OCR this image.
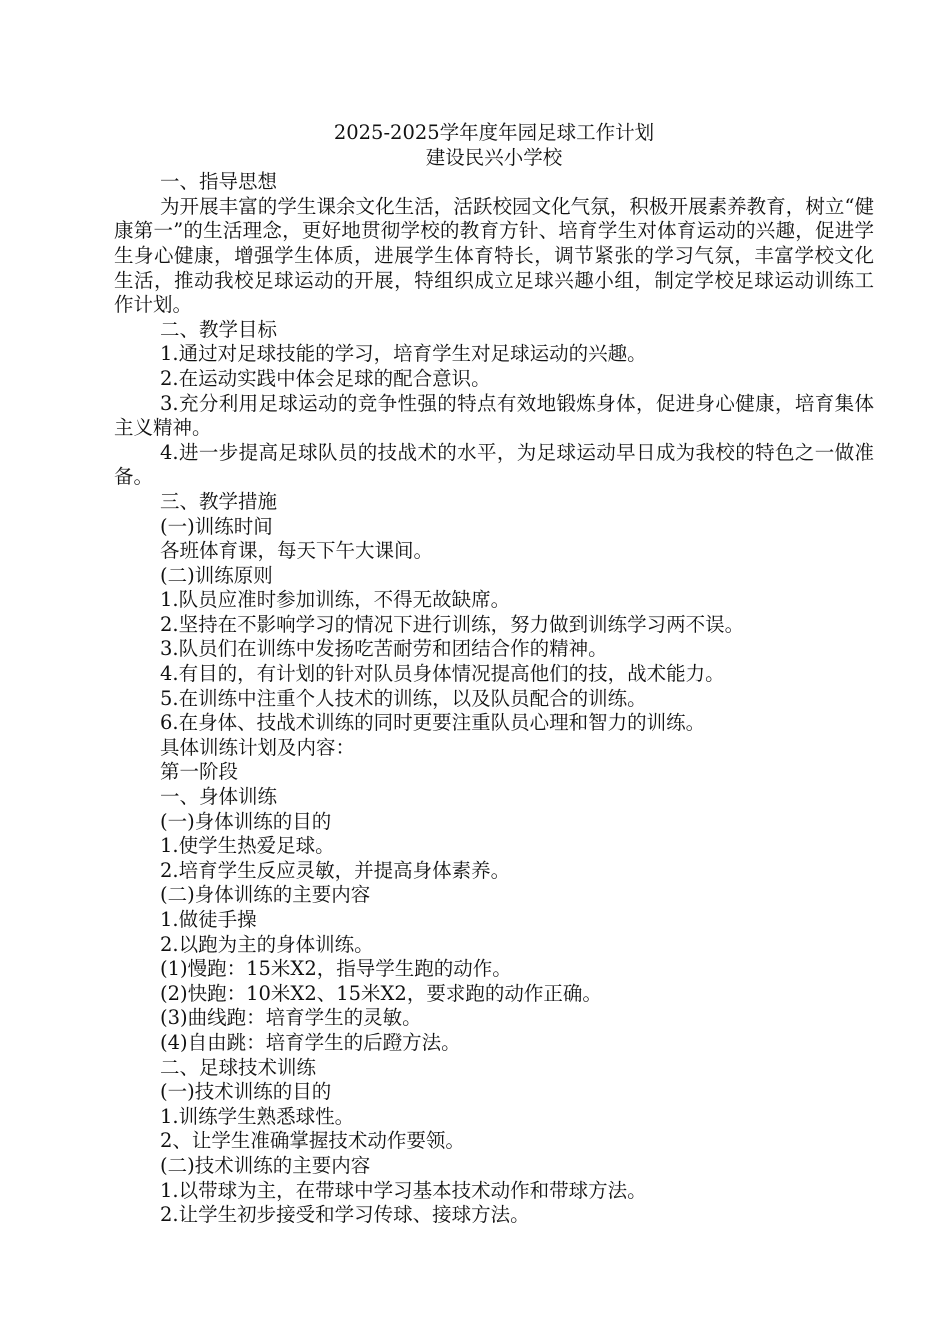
2025-2025学年度年园足球工作计划
建设民兴小学校
一、指导思想
为开展丰富的学生课余文化生活，活跃校园文化气氛，积极开展素养教育，树立“健康第一”的生活理念，更好地贯彻学校的教育方针、培育学生对体育运动的兴趣，促进学生身心健康，增强学生体质，进展学生体育特长，调节紧张的学习气氛，丰富学校文化生活，推动我校足球运动的开展，特组织成立足球兴趣小组，制定学校足球运动训练工作计划。
二、教学目标
1.通过对足球技能的学习，培育学生对足球运动的兴趣。
2.在运动实践中体会足球的配合意识。
3.充分利用足球运动的竞争性强的特点有效地锻炼身体，促进身心健康，培育集体主义精神。
4.进一步提高足球队员的技战术的水平，为足球运动早日成为我校的特色之一做准备。
三、教学措施
(一)训练时间
各班体育课，每天下午大课间。
(二)训练原则
1.队员应准时参加训练，不得无故缺席。
2.坚持在不影响学习的情况下进行训练，努力做到训练学习两不误。
3.队员们在训练中发扬吃苦耐劳和团结合作的精神。
4.有目的，有计划的针对队员身体情况提高他们的技，战术能力。
5.在训练中注重个人技术的训练，以及队员配合的训练。
6.在身体、技战术训练的同时更要注重队员心理和智力的训练。
具体训练计划及内容：
第一阶段
一、身体训练
(一)身体训练的目的
1.使学生热爱足球。
2.培育学生反应灵敏，并提高身体素养。
(二)身体训练的主要内容
1.做徒手操
2.以跑为主的身体训练。
(1)慢跑：15米X2，指导学生跑的动作。
(2)快跑：10米X2、15米X2，要求跑的动作正确。
(3)曲线跑：培育学生的灵敏。
(4)自由跳：培育学生的后蹬方法。
二、足球技术训练
(一)技术训练的目的
1.训练学生熟悉球性。
2、让学生准确掌握技术动作要领。
(二)技术训练的主要内容
1.以带球为主，在带球中学习基本技术动作和带球方法。
2.让学生初步接受和学习传球、接球方法。
